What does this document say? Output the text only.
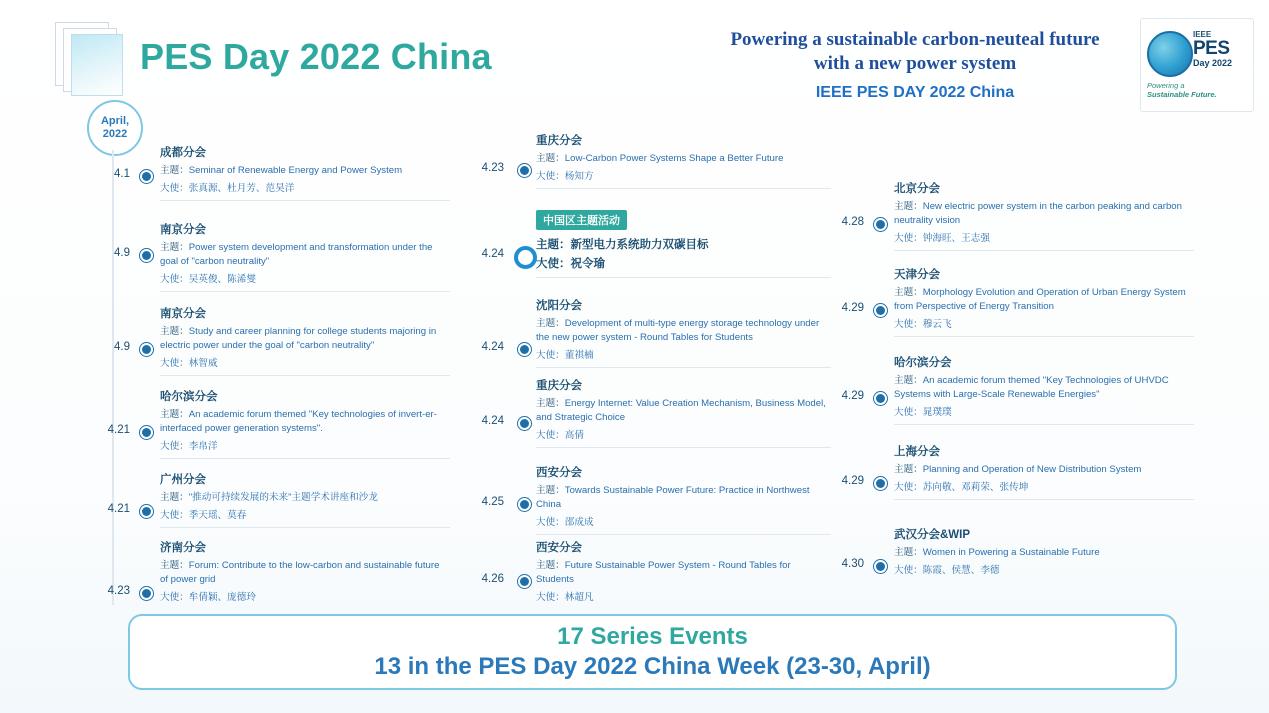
PES Day 2022 China	Powering a sustainable carbon-neuteal future
with a new power system
IEEE PES DAY 2022 China
IEEE
PES
Day 2022
Powering a
Sustainable Future.
April,
2022
4.1
成都分会
主题：Seminar of Renewable Energy and Power System
大使：张真源、杜月芳、范昊洋
4.9
南京分会
主题：Power system development and transformation under the goal of "carbon neutrality"
大使：吴英俊、陈浠燮
4.9
南京分会
主题：Study and career planning for college students majoring in electric power under the goal of "carbon neutrality"
大使：林智威
4.21
哈尔滨分会
主题：An academic forum themed "Key technologies of invert-er-interfaced power generation systems".
大使：李帛洋
4.21
广州分会
主题："推动可持续发展的未来"主题学术讲座和沙龙
大使：季天瑶、莫春
4.23
济南分会
主题：Forum: Contribute to the low-carbon and sustainable future of power grid
大使：牟倩颖、庞德玲
4.23
重庆分会
主题：Low-Carbon Power Systems Shape a Better Future
大使：杨知方
4.24
中国区主题活动
主题：新型电力系统助力双碳目标
大使：祝令瑜
4.24
沈阳分会
主题：Development of multi-type energy storage technology under the new power system - Round Tables for Students
大使：董祺楠
4.24
重庆分会
主题：Energy Internet: Value Creation Mechanism, Business Model, and Strategic Choice
大使：高倩
4.25
西安分会
主题：Towards Sustainable Power Future: Practice in Northwest China
大使：邵成成
4.26
西安分会
主题：Future Sustainable Power System - Round Tables for Students
大使：林超凡
4.28
北京分会
主题：New electric power system in the carbon peaking and carbon neutrality vision
大使：钟海旺、王志强
4.29
天津分会
主题：Morphology Evolution and Operation of Urban Energy System from Perspective of Energy Transition
大使：穆云飞
4.29
哈尔滨分会
主题：An academic forum themed "Key Technologies of UHVDC Systems with Large-Scale Renewable Energies"
大使：晁璞璞
4.29
上海分会
主题：Planning and Operation of New Distribution System
大使：苏向敬、邓莉荣、张传坤
4.30
武汉分会&WIP
主题：Women in Powering a Sustainable Future
大使：陈霞、侯慧、李德
17 Series Events
13 in the PES Day 2022 China Week (23-30, April)
